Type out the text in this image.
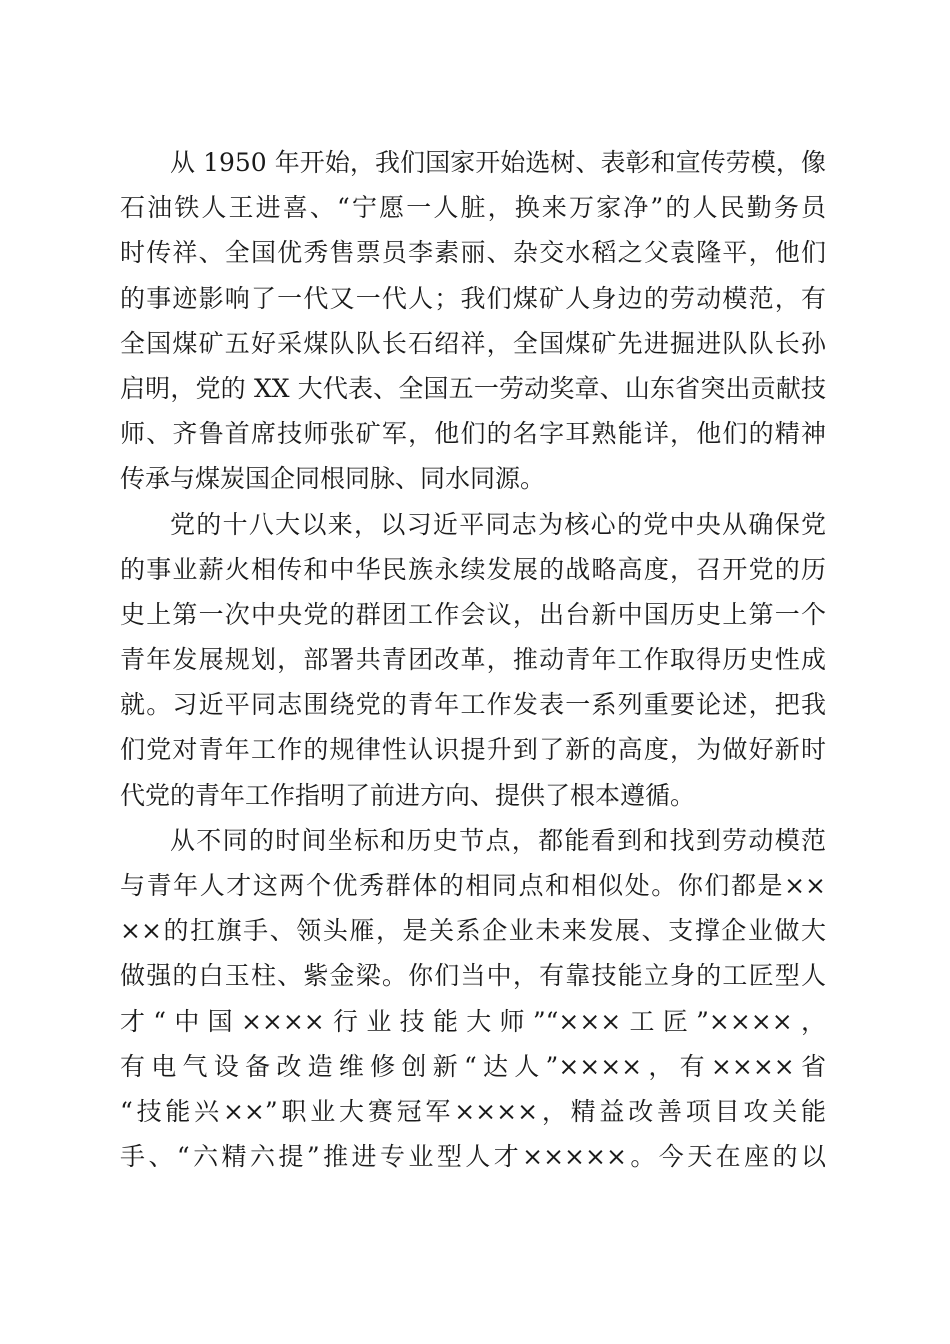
从 1950 年开始，我们国家开始选树、表彰和宣传劳模，像
石油铁人王进喜、“宁愿一人脏，换来万家净”的人民勤务员
时传祥、全国优秀售票员李素丽、杂交水稻之父袁隆平，他们
的事迹影响了一代又一代人；我们煤矿人身边的劳动模范，有
全国煤矿五好采煤队队长石绍祥，全国煤矿先进掘进队队长孙
启明，党的 XX 大代表、全国五一劳动奖章、山东省突出贡献技
师、齐鲁首席技师张矿军，他们的名字耳熟能详，他们的精神
传承与煤炭国企同根同脉、同水同源。
党的十八大以来，以习近平同志为核心的党中央从确保党
的事业薪火相传和中华民族永续发展的战略高度，召开党的历
史上第一次中央党的群团工作会议，出台新中国历史上第一个
青年发展规划，部署共青团改革，推动青年工作取得历史性成
就。习近平同志围绕党的青年工作发表一系列重要论述，把我
们党对青年工作的规律性认识提升到了新的高度，为做好新时
代党的青年工作指明了前进方向、提供了根本遵循。
从不同的时间坐标和历史节点，都能看到和找到劳动模范
与青年人才这两个优秀群体的相同点和相似处。你们都是××
××的扛旗手、领头雁，是关系企业未来发展、支撑企业做大
做强的白玉柱、紫金梁。你们当中，有靠技能立身的工匠型人
才“中国××××行业技能大师”“×××工匠”××××，
有电气设备改造维修创新“达人”××××，有××××省
“技能兴××”职业大赛冠军××××，精益改善项目攻关能
手、“六精六提”推进专业型人才×××××。今天在座的以
